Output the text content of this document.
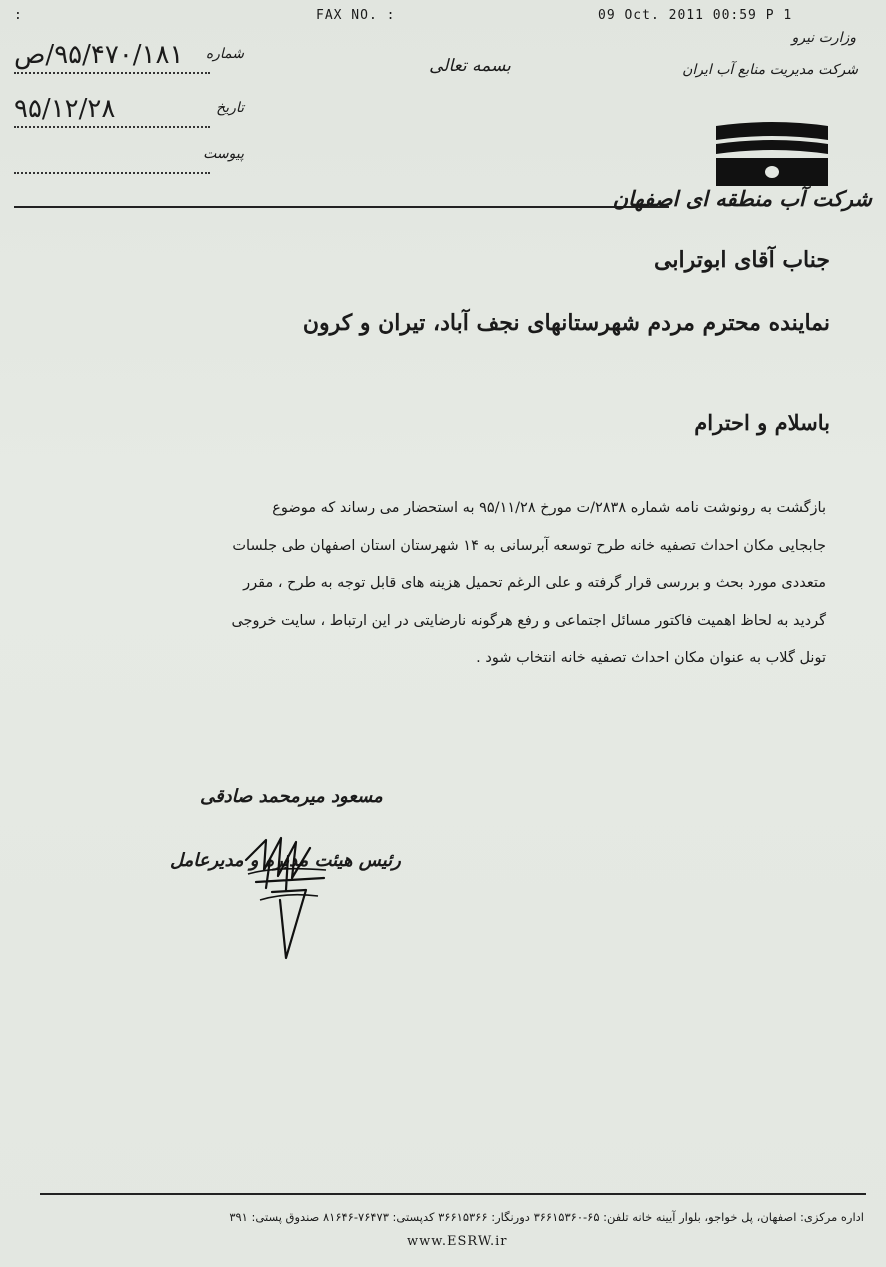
:	FAX NO. :	09 Oct. 2011 00:59 P 1
شماره
۹۵/۴۷۰/۱۸۱/ص
تاریخ
۹۵/۱۲/۲۸
پیوست
بسمه تعالی
وزارت نیرو
شرکت مدیریت منابع آب ایران
شرکت آب منطقه ای اصفهان
جناب آقای ابوترابی
نماینده محترم مردم شهرستانهای نجف آباد، تیران و کرون
باسلام و احترام

بازگشت به رونوشت نامه شماره ۲۸۳۸/ت مورخ ۹۵/۱۱/۲۸ به استحضار می رساند که موضوع

جابجایی مکان احداث تصفیه خانه طرح توسعه آبرسانی به ۱۴ شهرستان استان اصفهان طی جلسات

متعددی مورد بحث و بررسی قرار گرفته و علی الرغم تحمیل هزینه های قابل توجه به طرح ، مقرر

گردید به لحاظ اهمیت فاکتور مسائل اجتماعی و رفع هرگونه نارضایتی در این ارتباط ، سایت خروجی

تونل گلاب به عنوان مکان احداث تصفیه خانه انتخاب شود .

مسعود میرمحمد صادقی
رئیس هیئت مدیره و مدیرعامل
اداره مرکزی: اصفهان، پل خواجو، بلوار آیینه خانه تلفن: ۶۵-۳۶۶۱۵۳۶۰ دورنگار: ۳۶۶۱۵۳۶۶ کدپستی: ۷۶۴۷۳-۸۱۶۴۶ صندوق پستی: ۳۹۱
www.ESRW.ir
